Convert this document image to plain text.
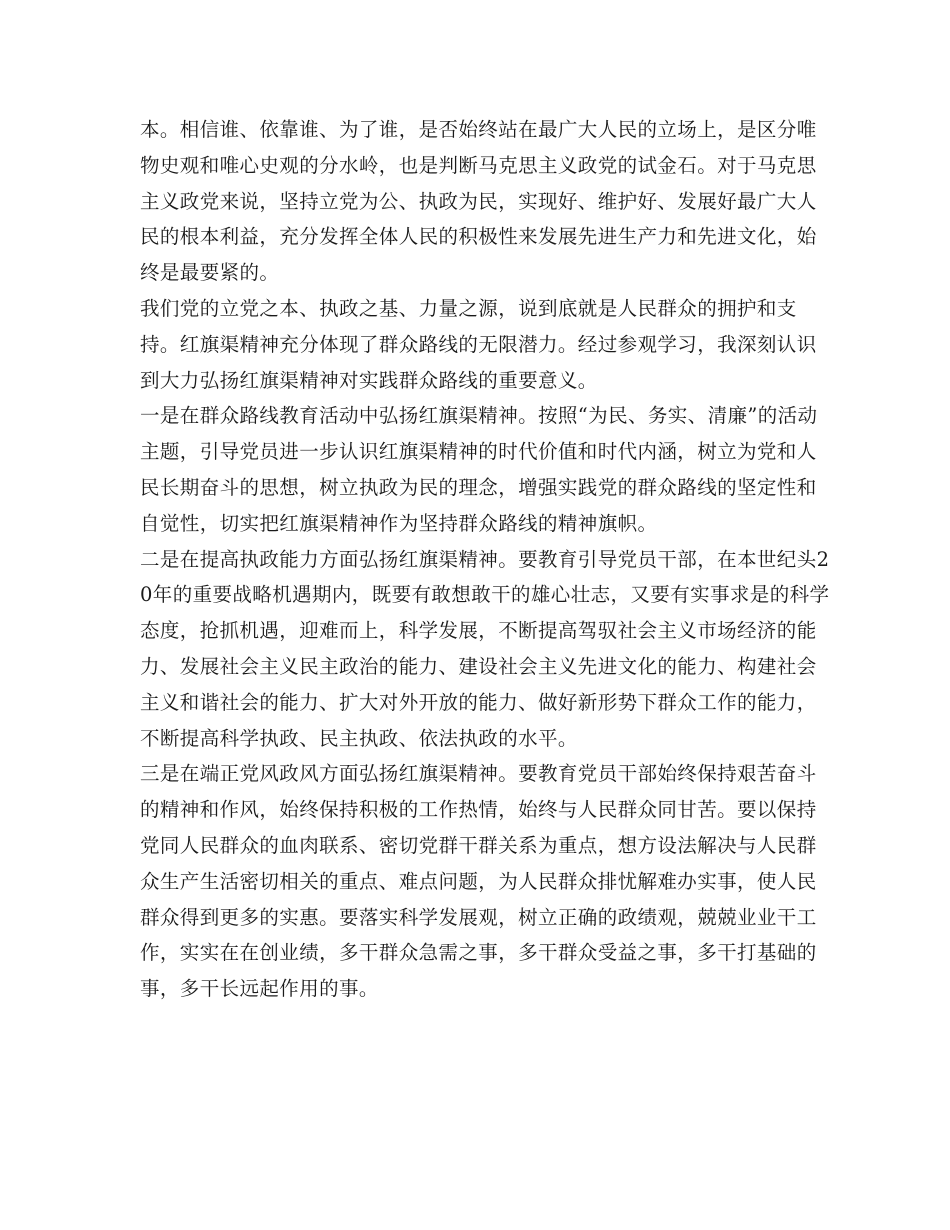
本。相信谁、依靠谁、为了谁，是否始终站在最广大人民的立场上，是区分唯物史观和唯心史观的分水岭，也是判断马克思主义政党的试金石。对于马克思主义政党来说，坚持立党为公、执政为民，实现好、维护好、发展好最广大人民的根本利益，充分发挥全体人民的积极性来发展先进生产力和先进文化，始终是最要紧的。

我们党的立党之本、执政之基、力量之源，说到底就是人民群众的拥护和支持。红旗渠精神充分体现了群众路线的无限潜力。经过参观学习，我深刻认识到大力弘扬红旗渠精神对实践群众路线的重要意义。

一是在群众路线教育活动中弘扬红旗渠精神。按照“为民、务实、清廉”的活动主题，引导党员进一步认识红旗渠精神的时代价值和时代内涵，树立为党和人民长期奋斗的思想，树立执政为民的理念，增强实践党的群众路线的坚定性和自觉性，切实把红旗渠精神作为坚持群众路线的精神旗帜。

二是在提高执政能力方面弘扬红旗渠精神。要教育引导党员干部，在本世纪头20年的重要战略机遇期内，既要有敢想敢干的雄心壮志，又要有实事求是的科学态度，抢抓机遇，迎难而上，科学发展，不断提高驾驭社会主义市场经济的能力、发展社会主义民主政治的能力、建设社会主义先进文化的能力、构建社会主义和谐社会的能力、扩大对外开放的能力、做好新形势下群众工作的能力，不断提高科学执政、民主执政、依法执政的水平。

三是在端正党风政风方面弘扬红旗渠精神。要教育党员干部始终保持艰苦奋斗的精神和作风，始终保持积极的工作热情，始终与人民群众同甘苦。要以保持党同人民群众的血肉联系、密切党群干群关系为重点，想方设法解决与人民群众生产生活密切相关的重点、难点问题，为人民群众排忧解难办实事，使人民群众得到更多的实惠。要落实科学发展观，树立正确的政绩观，兢兢业业干工作，实实在在创业绩，多干群众急需之事，多干群众受益之事，多干打基础的事，多干长远起作用的事。
